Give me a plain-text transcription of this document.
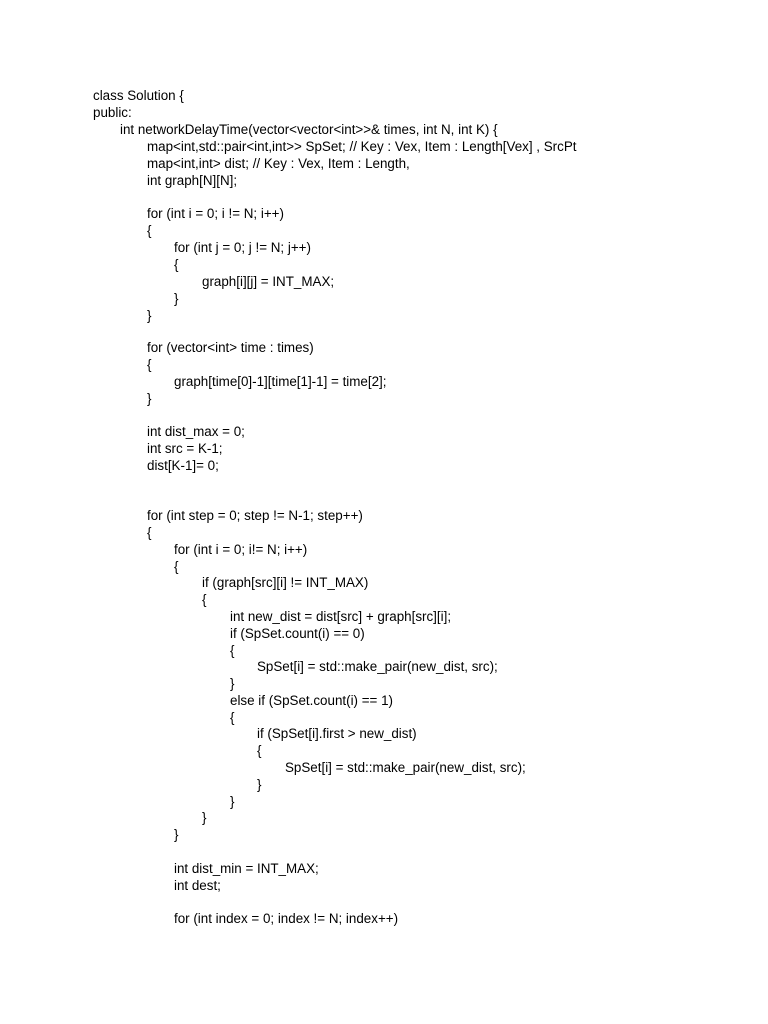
class Solution {
public:
int networkDelayTime(vector<vector<int>>& times, int N, int K) {
map<int,std::pair<int,int>> SpSet; // Key : Vex, Item : Length[Vex] , SrcPt
map<int,int> dist; // Key : Vex, Item : Length,
int graph[N][N];
for (int i = 0; i != N; i++)
{
for (int j = 0; j != N; j++)
{
graph[i][j] = INT_MAX;
}
}
for (vector<int> time : times)
{
graph[time[0]-1][time[1]-1] = time[2];
}
int dist_max = 0;
int src = K-1;
dist[K-1]= 0;
for (int step = 0; step != N-1; step++)
{
for (int i = 0; i!= N; i++)
{
if (graph[src][i] != INT_MAX)
{
int new_dist = dist[src] + graph[src][i];
if (SpSet.count(i) == 0)
{
SpSet[i] = std::make_pair(new_dist, src);
}
else if (SpSet.count(i) == 1)
{
if (SpSet[i].first > new_dist)
{
SpSet[i] = std::make_pair(new_dist, src);
}
}
}
}
int dist_min = INT_MAX;
int dest;
for (int index = 0; index != N; index++)
